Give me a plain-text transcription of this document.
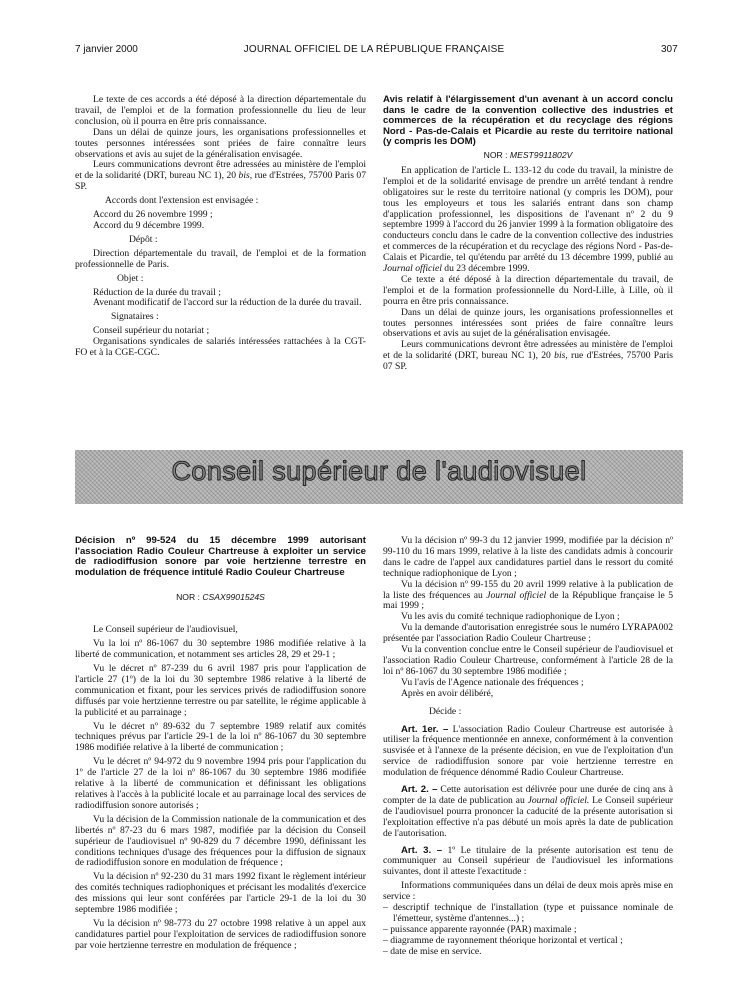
7 janvier 2000	JOURNAL OFFICIEL DE LA RÉPUBLIQUE FRANÇAISE	307

Le texte de ces accords a été déposé à la direction départementale du travail, de l'emploi et de la formation professionnelle du lieu de leur conclusion, où il pourra en être pris connaissance.

Dans un délai de quinze jours, les organisations professionnelles et toutes personnes intéressées sont priées de faire connaître leurs observations et avis au sujet de la généralisation envisagée.

Leurs communications devront être adressées au ministère de l'emploi et de la solidarité (DRT, bureau NC 1), 20 bis, rue d'Estrées, 75700 Paris 07 SP.

Accords dont l'extension est envisagée :

Accord du 26 novembre 1999 ;

Accord du 9 décembre 1999.

Dépôt :

Direction départementale du travail, de l'emploi et de la formation professionnelle de Paris.

Objet :

Réduction de la durée du travail ;

Avenant modificatif de l'accord sur la réduction de la durée du travail.

Signataires :

Conseil supérieur du notariat ;

Organisations syndicales de salariés intéressées rattachées à la CGT-FO et à la CGE-CGC.

Avis relatif à l'élargissement d'un avenant à un accord conclu dans le cadre de la convention collective des industries et commerces de la récupération et du recyclage des régions Nord - Pas-de-Calais et Picardie au reste du territoire national (y compris les DOM)
NOR : MESТ9911802V

En application de l'article L. 133-12 du code du travail, la ministre de l'emploi et de la solidarité envisage de prendre un arrêté tendant à rendre obligatoires sur le reste du territoire national (y compris les DOM), pour tous les employeurs et tous les salariés entrant dans son champ d'application professionnel, les dispositions de l'avenant nº 2 du 9 septembre 1999 à l'accord du 26 janvier 1999 à la formation obligatoire des conducteurs conclu dans le cadre de la convention collective des industries et commerces de la récupération et du recyclage des régions Nord - Pas-de-Calais et Picardie, tel qu'étendu par arrêté du 13 décembre 1999, publié au Journal officiel du 23 décembre 1999.

Ce texte a été déposé à la direction départementale du travail, de l'emploi et de la formation professionnelle du Nord-Lille, à Lille, où il pourra en être pris connaissance.

Dans un délai de quinze jours, les organisations professionnelles et toutes personnes intéressées sont priées de faire connaître leurs observations et avis au sujet de la généralisation envisagée.

Leurs communications devront être adressées au ministère de l'emploi et de la solidarité (DRT, bureau NC 1), 20 bis, rue d'Estrées, 75700 Paris 07 SP.

Conseil supérieur de l'audiovisuel
Décision nº 99-524 du 15 décembre 1999 autorisant l'association Radio Couleur Chartreuse à exploiter un service de radiodiffusion sonore par voie hertzienne terrestre en modulation de fréquence intitulé Radio Couleur Chartreuse
NOR : CSAX9901524S

Le Conseil supérieur de l'audiovisuel,

Vu la loi nº 86-1067 du 30 septembre 1986 modifiée relative à la liberté de communication, et notamment ses articles 28, 29 et 29-1 ;

Vu le décret nº 87-239 du 6 avril 1987 pris pour l'application de l'article 27 (1º) de la loi du 30 septembre 1986 relative à la liberté de communication et fixant, pour les services privés de radiodiffusion sonore diffusés par voie hertzienne terrestre ou par satellite, le régime applicable à la publicité et au parrainage ;

Vu le décret nº 89-632 du 7 septembre 1989 relatif aux comités techniques prévus par l'article 29-1 de la loi nº 86-1067 du 30 septembre 1986 modifiée relative à la liberté de communication ;

Vu le décret nº 94-972 du 9 novembre 1994 pris pour l'application du 1º de l'article 27 de la loi nº 86-1067 du 30 septembre 1986 modifiée relative à la liberté de communication et définissant les obligations relatives à l'accès à la publicité locale et au parrainage local des services de radiodiffusion sonore autorisés ;

Vu la décision de la Commission nationale de la communication et des libertés nº 87-23 du 6 mars 1987, modifiée par la décision du Conseil supérieur de l'audiovisuel nº 90-829 du 7 décembre 1990, définissant les conditions techniques d'usage des fréquences pour la diffusion de signaux de radiodiffusion sonore en modulation de fréquence ;

Vu la décision nº 92-230 du 31 mars 1992 fixant le règlement intérieur des comités techniques radiophoniques et précisant les modalités d'exercice des missions qui leur sont conférées par l'article 29-1 de la loi du 30 septembre 1986 modifiée ;

Vu la décision nº 98-773 du 27 octobre 1998 relative à un appel aux candidatures partiel pour l'exploitation de services de radiodiffusion sonore par voie hertzienne terrestre en modulation de fréquence ;

Vu la décision nº 99-3 du 12 janvier 1999, modifiée par la décision nº 99-110 du 16 mars 1999, relative à la liste des candidats admis à concourir dans le cadre de l'appel aux candidatures partiel dans le ressort du comité technique radiophonique de Lyon ;

Vu la décision nº 99-155 du 20 avril 1999 relative à la publication de la liste des fréquences au Journal officiel de la République française le 5 mai 1999 ;

Vu les avis du comité technique radiophonique de Lyon ;

Vu la demande d'autorisation enregistrée sous le numéro LYRAPA002 présentée par l'association Radio Couleur Chartreuse ;

Vu la convention conclue entre le Conseil supérieur de l'audiovisuel et l'association Radio Couleur Chartreuse, conformément à l'article 28 de la loi nº 86-1067 du 30 septembre 1986 modifiée ;

Vu l'avis de l'Agence nationale des fréquences ;

Après en avoir délibéré,

Décide :

Art. 1er. – L'association Radio Couleur Chartreuse est autorisée à utiliser la fréquence mentionnée en annexe, conformément à la convention susvisée et à l'annexe de la présente décision, en vue de l'exploitation d'un service de radiodiffusion sonore par voie hertzienne terrestre en modulation de fréquence dénommé Radio Couleur Chartreuse.

Art. 2. – Cette autorisation est délivrée pour une durée de cinq ans à compter de la date de publication au Journal officiel. Le Conseil supérieur de l'audiovisuel pourra prononcer la caducité de la présente autorisation si l'exploitation effective n'a pas débuté un mois après la date de publication de l'autorisation.

Art. 3. – 1º Le titulaire de la présente autorisation est tenu de communiquer au Conseil supérieur de l'audiovisuel les informations suivantes, dont il atteste l'exactitude :

Informations communiquées dans un délai de deux mois après mise en service :

– descriptif technique de l'installation (type et puissance nominale de l'émetteur, système d'antennes...) ;
– puissance apparente rayonnée (PAR) maximale ;
– diagramme de rayonnement théorique horizontal et vertical ;
– date de mise en service.
